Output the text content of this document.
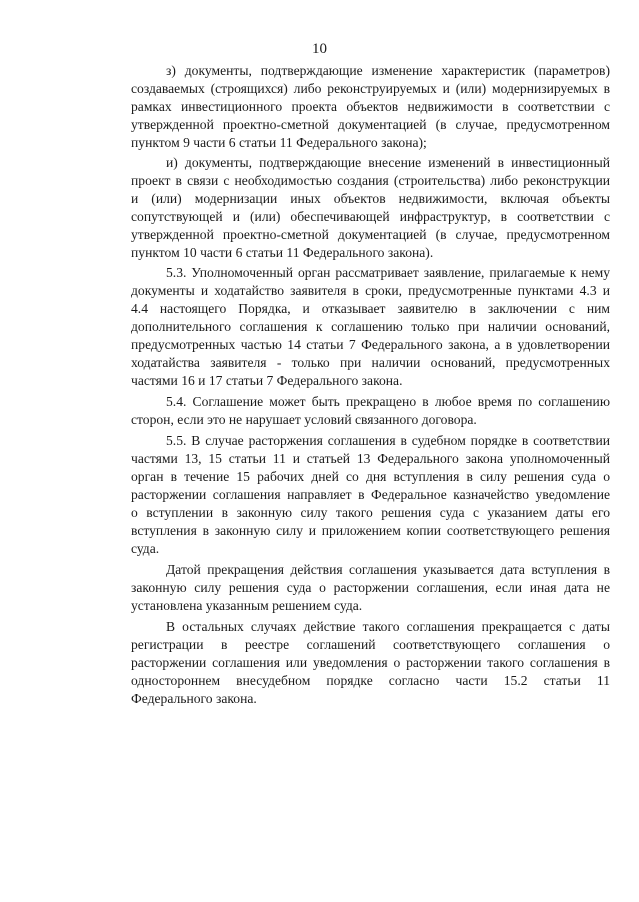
10
з) документы, подтверждающие изменение характеристик (параметров)
создаваемых (строящихся) либо реконструируемых и (или) модернизируемых в
рамках инвестиционного проекта объектов недвижимости в соответствии с
утвержденной проектно-сметной документацией (в случае, предусмотренном
пунктом 9 части 6 статьи 11 Федерального закона);
и) документы, подтверждающие внесение изменений в инвестиционный
проект в связи с необходимостью создания (строительства) либо реконструкции
и (или) модернизации иных объектов недвижимости, включая объекты
сопутствующей и (или) обеспечивающей инфраструктур, в соответствии с
утвержденной проектно-сметной документацией (в случае, предусмотренном
пунктом 10 части 6 статьи 11 Федерального закона).
5.3. Уполномоченный орган рассматривает заявление, прилагаемые к нему
документы и ходатайство заявителя в сроки, предусмотренные пунктами 4.3 и
4.4 настоящего Порядка, и отказывает заявителю в заключении с ним
дополнительного соглашения к соглашению только при наличии оснований,
предусмотренных частью 14 статьи 7 Федерального закона, а в удовлетворении
ходатайства заявителя - только при наличии оснований, предусмотренных
частями 16 и 17 статьи 7 Федерального закона.
5.4. Соглашение может быть прекращено в любое время по соглашению
сторон, если это не нарушает условий связанного договора.
5.5. В случае расторжения соглашения в судебном порядке в соответствии
частями 13, 15 статьи 11 и статьей 13 Федерального закона уполномоченный
орган в течение 15 рабочих дней со дня вступления в силу решения суда о
расторжении соглашения направляет в Федеральное казначейство уведомление
о вступлении в законную силу такого решения суда с указанием даты его
вступления в законную силу и приложением копии соответствующего решения
суда.
Датой прекращения действия соглашения указывается дата вступления в
законную силу решения суда о расторжении соглашения, если иная дата не
установлена указанным решением суда.
В остальных случаях действие такого соглашения прекращается с даты
регистрации в реестре соглашений соответствующего соглашения о
расторжении соглашения или уведомления о расторжении такого соглашения в
одностороннем внесудебном порядке согласно части 15.2 статьи 11
Федерального закона.
